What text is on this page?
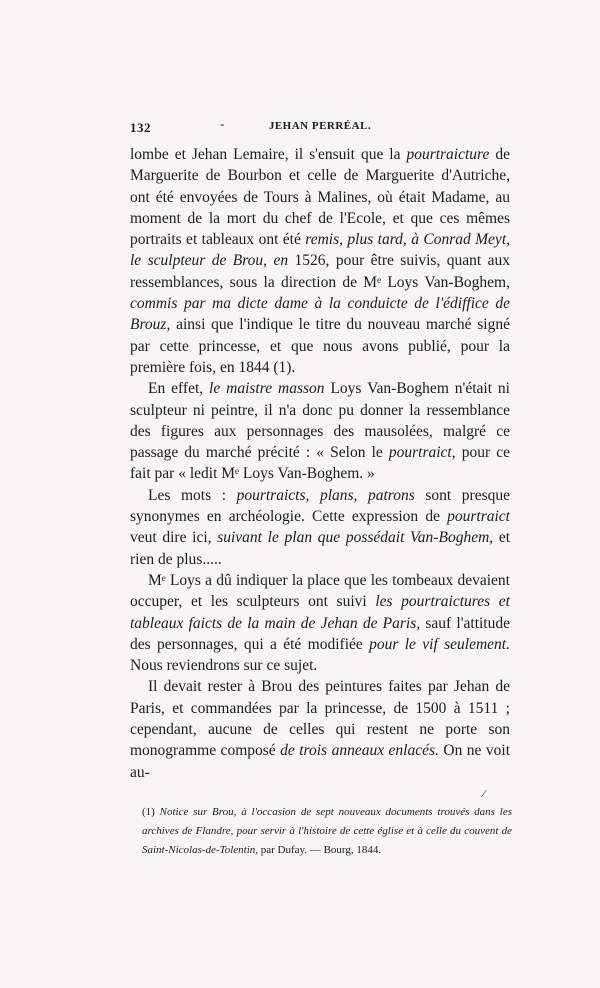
132	-	JEHAN PERRÉAL.

lombe et Jehan Lemaire, il s'ensuit que la pourtraicture de Marguerite de Bourbon et celle de Marguerite d'Autriche, ont été envoyées de Tours à Malines, où était Madame, au moment de la mort du chef de l'Ecole, et que ces mêmes portraits et tableaux ont été remis, plus tard, à Conrad Meyt, le sculpteur de Brou, en 1526, pour être suivis, quant aux ressemblances, sous la direction de Mᵉ Loys Van-Boghem, commis par ma dicte dame à la conduicte de l'édiffice de Brouz, ainsi que l'indique le titre du nouveau marché signé par cette princesse, et que nous avons publié, pour la première fois, en 1844 (1).

En effet, le maistre masson Loys Van-Boghem n'était ni sculpteur ni peintre, il n'a donc pu donner la ressemblance des figures aux personnages des mausolées, malgré ce passage du marché précité : « Selon le pourtraict, pour ce fait par « ledit Mᵉ Loys Van-Boghem. »

Les mots : pourtraicts, plans, patrons sont presque synonymes en archéologie. Cette expression de pourtraict veut dire ici, suivant le plan que possédait Van-Boghem, et rien de plus.....

Mᵉ Loys a dû indiquer la place que les tombeaux devaient occuper, et les sculpteurs ont suivi les pourtraictures et tableaux faicts de la main de Jehan de Paris, sauf l'attitude des personnages, qui a été modifiée pour le vif seulement. Nous reviendrons sur ce sujet.

Il devait rester à Brou des peintures faites par Jehan de Paris, et commandées par la princesse, de 1500 à 1511 ; cependant, aucune de celles qui restent ne porte son monogramme composé de trois anneaux enlacés. On ne voit au-

⁄
(1) Notice sur Brou, à l'occasion de sept nouveaux documents trouvés dans les archives de Flandre, pour servir à l'histoire de cette église et à celle du couvent de Saint-Nicolas-de-Tolentin, par Dufay. — Bourg, 1844.
